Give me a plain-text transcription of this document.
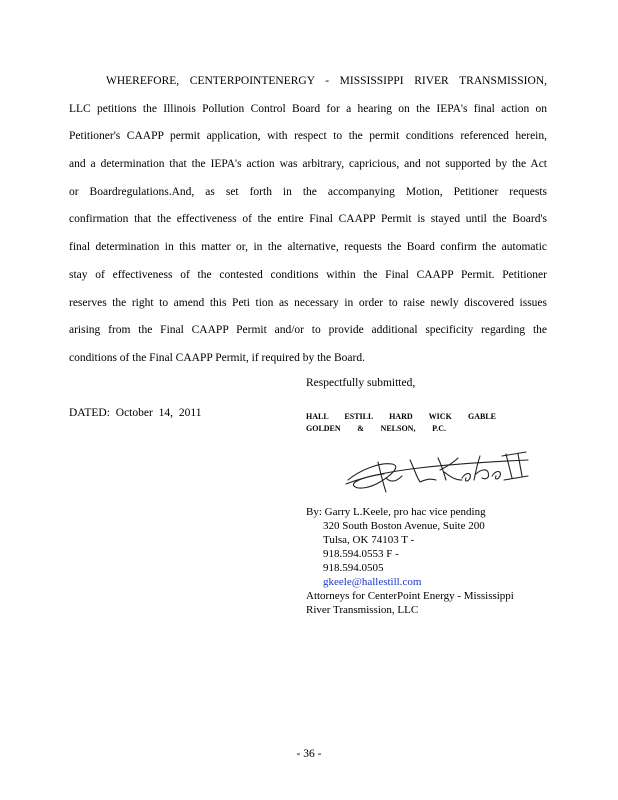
WHEREFORE, CENTERPOINTENERGY - MISSISSIPPI RIVER TRANSMISSION,
LLC petitions the Illinois Pollution Control Board for a hearing on the IEPA's final action on
Petitioner's CAAPP permit application, with respect to the permit conditions referenced herein,
and a determination that the IEPA's action was arbitrary, capricious, and not supported by the Act
or Boardregulations.And, as set forth in the accompanying Motion, Petitioner requests
confirmation that the effectiveness of the entire Final CAAPP Permit is stayed until the Board's
final determination in this matter or, in the alternative, requests the Board confirm the automatic
stay of effectiveness of the contested conditions within the Final CAAPP Permit. Petitioner
reserves the right to amend this Peti tion as necessary in order to raise newly discovered issues
arising from the Final CAAPP Permit and/or to provide additional specificity regarding the
conditions of the Final CAAPP Permit, if required by the Board.
Respectfully submitted,
DATED: October 14, 2011	HALL ESTILL HARD WICK GABLE
GOLDEN & NELSON, P.C.
By: Garry L.Keele, pro hac vice pending
320 South Boston Avenue, Suite 200
Tulsa, OK 74103 T -
918.594.0553 F -
918.594.0505
gkeele@hallestill.com
Attorneys for CenterPoint Energy - Mississippi
River Transmission, LLC
- 36 -
